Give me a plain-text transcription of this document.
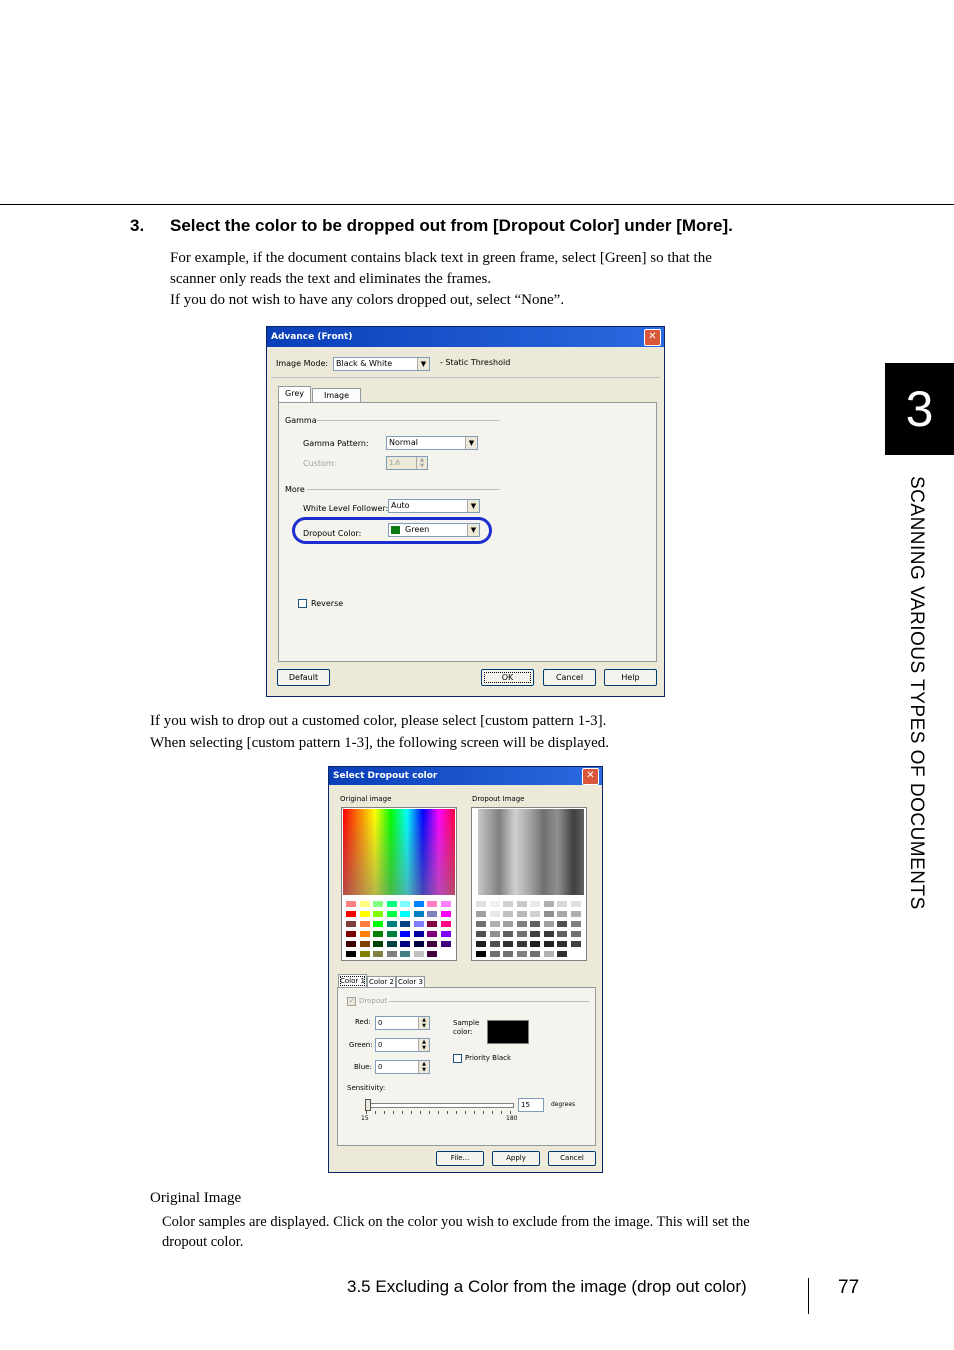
3. Select the color to be dropped out from [Dropout Color] under [More].
For example, if the document contains black text in green frame, select [Green] so that the
scanner only reads the text and eliminates the frames.
If you do not wish to have any colors dropped out, select “None”.
Advance (Front)	✕
Image Mode: Black & White	▼	- Static Threshold
Grey	Image
Gamma
Gamma Pattern:	Normal	▼
Custom:	1.6	▲
▼
More
White Level Follower: Auto	▼
Dropout Color:	Green	▼
Reverse
Default	OK	Cancel	Help
If you wish to drop out a customed color, please select [custom pattern 1-3].
When selecting [custom pattern 1-3], the following screen will be displayed.
Select Dropout color	✕
Original image	Dropout Image
Color 1 Color 2 Color 3
✓ Dropout
Red:	0	▲
▼
Green: 0	▲
▼
Blue: 0	▲
▼
Sample color:
Priority Black
Sensitivity:
15	degrees
15	180
File...	Apply	Cancel
Original Image
Color samples are displayed. Click on the color you wish to exclude from the image. This will set the
dropout color.
3
SCANNING VARIOUS TYPES OF DOCUMENTS
3.5 Excluding a Color from the image (drop out color)	77
